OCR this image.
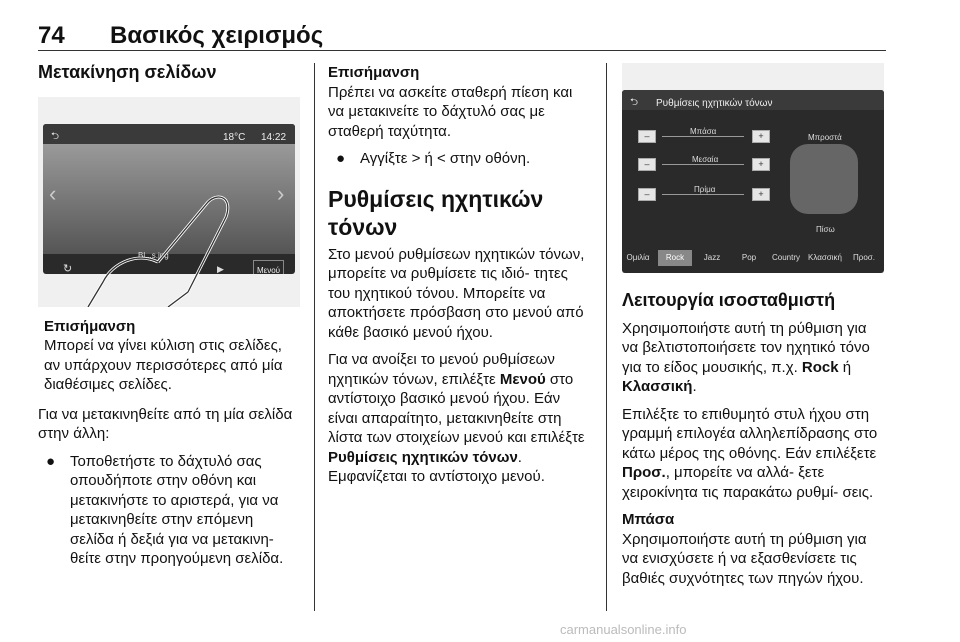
74 Βασικός χειρισμός
Μετακίνηση σελίδων
⮌	18°C 14:22
‹	›
Bl...s.jpg
↻	▶	Μενού
Επισήμανση
Μπορεί να γίνει κύλιση στις σελίδες, αν υπάρχουν περισσότερες από μία διαθέσιμες σελίδες.

Για να μετακινηθείτε από τη μία σελίδα στην άλλη:

● Τοποθετήστε το δάχτυλό σας οπουδήποτε στην οθόνη και μετακινήστε το αριστερά, για να μετακινηθείτε στην επόμενη σελίδα ή δεξιά για να μετακινη- θείτε στην προηγούμενη σελίδα.
Επισήμανση
Πρέπει να ασκείτε σταθερή πίεση και να μετακινείτε το δάχτυλό σας με σταθερή ταχύτητα.
● Αγγίξτε > ή < στην οθόνη.
Ρυθμίσεις ηχητικών τόνων

Στο μενού ρυθμίσεων ηχητικών τόνων, μπορείτε να ρυθμίσετε τις ιδιό- τητες του ηχητικού τόνου. Μπορείτε να αποκτήσετε πρόσβαση στο μενού από κάθε βασικό μενού ήχου.

Για να ανοίξει το μενού ρυθμίσεων ηχητικών τόνων, επιλέξτε Μενού στο αντίστοιχο βασικό μενού ήχου. Εάν είναι απαραίτητο, μετακινηθείτε στη λίστα των στοιχείων μενού και επιλέξτε Ρυθμίσεις ηχητικών τόνων. Εμφανίζεται το αντίστοιχο μενού.

⮌ Ρυθμίσεις ηχητικών τόνων
Μπάσα
–	+
Μεσαία
–	+
Πρίμα
–	+
Μπροστά
Πίσω
Ομιλία	Rock	Jazz	Pop	Country	Κλασσική	Προσ.
Λειτουργία ισοσταθμιστή

Χρησιμοποιήστε αυτή τη ρύθμιση για να βελτιστοποιήσετε τον ηχητικό τόνο για το είδος μουσικής, π.χ. Rock ή Κλασσική.

Επιλέξτε το επιθυμητό στυλ ήχου στη γραμμή επιλογέα αλληλεπίδρασης στο κάτω μέρος της οθόνης. Εάν επιλέξετε Προσ., μπορείτε να αλλά- ξετε χειροκίνητα τις παρακάτω ρυθμί- σεις.

Μπάσα

Χρησιμοποιήστε αυτή τη ρύθμιση για να ενισχύσετε ή να εξασθενίσετε τις βαθιές συχνότητες των πηγών ήχου.

carmanualsonline.info
